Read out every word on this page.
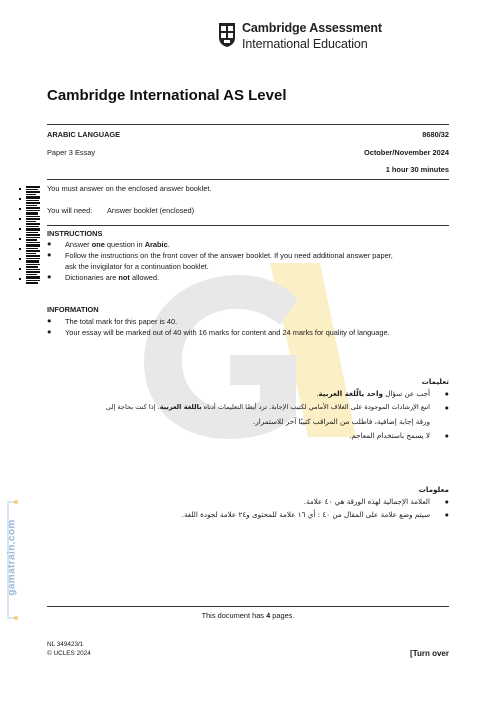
Cambridge Assessment
International Education
Cambridge International AS Level
ARABIC LANGUAGE	8680/32
Paper 3 Essay	October/November 2024
1 hour 30 minutes
You must answer on the enclosed answer booklet.
You will need: Answer booklet (enclosed)
INSTRUCTIONS
● Answer one question in Arabic.
● Follow the instructions on the front cover of the answer booklet. If you need additional answer paper,
ask the invigilator for a continuation booklet.
● Dictionaries are not allowed.
INFORMATION
● The total mark for this paper is 40.
● Your essay will be marked out of 40 with 16 marks for content and 24 marks for quality of language.
تعليمات
●
أجب عن سؤال واحد بالّلغة العربية.
●
اتبع الإرشادات الموجودة على الغلاف الأمامي لكتيب الإجابة. ترد أيضًا التعليمات أدناه باللغة العربية. إذا كنت بحاجة إلى
ورقة إجابة إضافية، فاطلب من المراقب كتيبًا آخر للاستمرار.
●
لا يسمح باستخدام المعاجم.
معلومات
●
العلامة الإجمالية لهذه الورقة هي ٤٠ علامة.
●
سيتم وضع علامة على المقال من ٤٠ : أي ١٦ علامة للمحتوى و٢٤ علامة لجودة اللغة.
gamatrain.com
This document has 4 pages.
NL 349423/1
© UCLES 2024	[Turn over
